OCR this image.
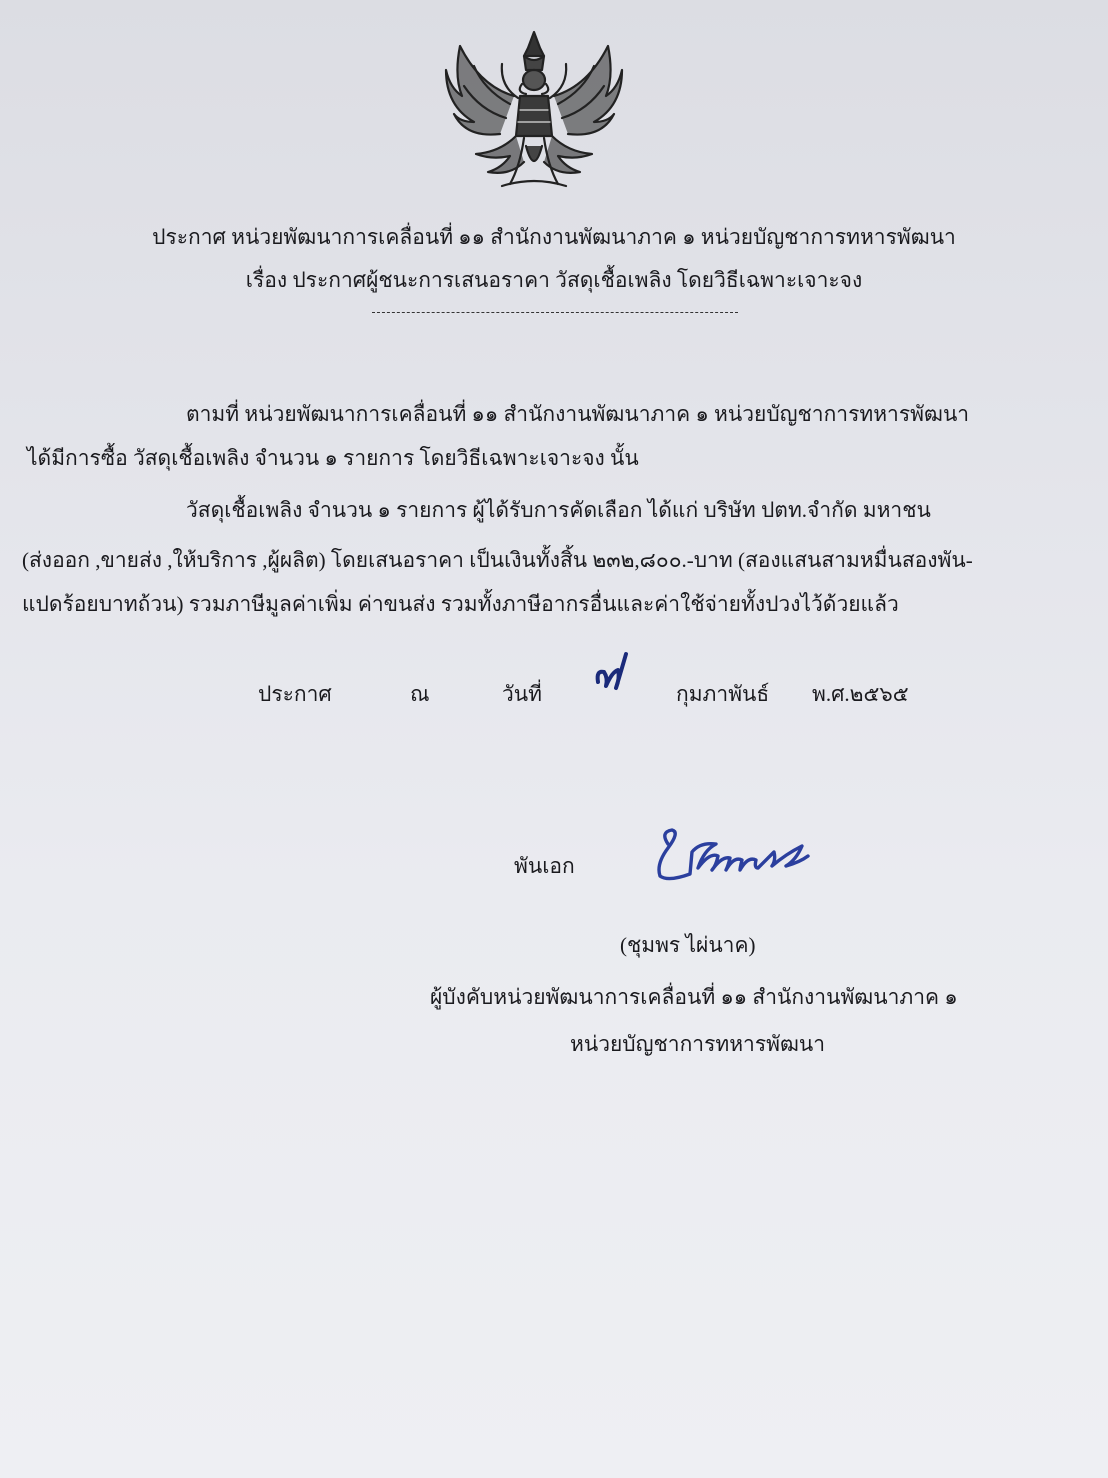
ประกาศ หน่วยพัฒนาการเคลื่อนที่ ๑๑ สำนักงานพัฒนาภาค ๑ หน่วยบัญชาการทหารพัฒนา
เรื่อง ประกาศผู้ชนะการเสนอราคา วัสดุเชื้อเพลิง โดยวิธีเฉพาะเจาะจง
ตามที่ หน่วยพัฒนาการเคลื่อนที่ ๑๑ สำนักงานพัฒนาภาค ๑ หน่วยบัญชาการทหารพัฒนา
ได้มีการซื้อ วัสดุเชื้อเพลิง จำนวน ๑ รายการ โดยวิธีเฉพาะเจาะจง นั้น
วัสดุเชื้อเพลิง จำนวน ๑ รายการ ผู้ได้รับการคัดเลือก ได้แก่ บริษัท ปตท.จำกัด มหาชน
(ส่งออก ,ขายส่ง ,ให้บริการ ,ผู้ผลิต) โดยเสนอราคา เป็นเงินทั้งสิ้น ๒๓๒,๘๐๐.-บาท (สองแสนสามหมื่นสองพัน-
แปดร้อยบาทถ้วน) รวมภาษีมูลค่าเพิ่ม ค่าขนส่ง รวมทั้งภาษีอากรอื่นและค่าใช้จ่ายทั้งปวงไว้ด้วยแล้ว
ประกาศ	ณ	วันที่	กุมภาพันธ์ พ.ศ.๒๕๖๕
พันเอก
(ชุมพร ไผ่นาค)
ผู้บังคับหน่วยพัฒนาการเคลื่อนที่ ๑๑ สำนักงานพัฒนาภาค ๑
หน่วยบัญชาการทหารพัฒนา
